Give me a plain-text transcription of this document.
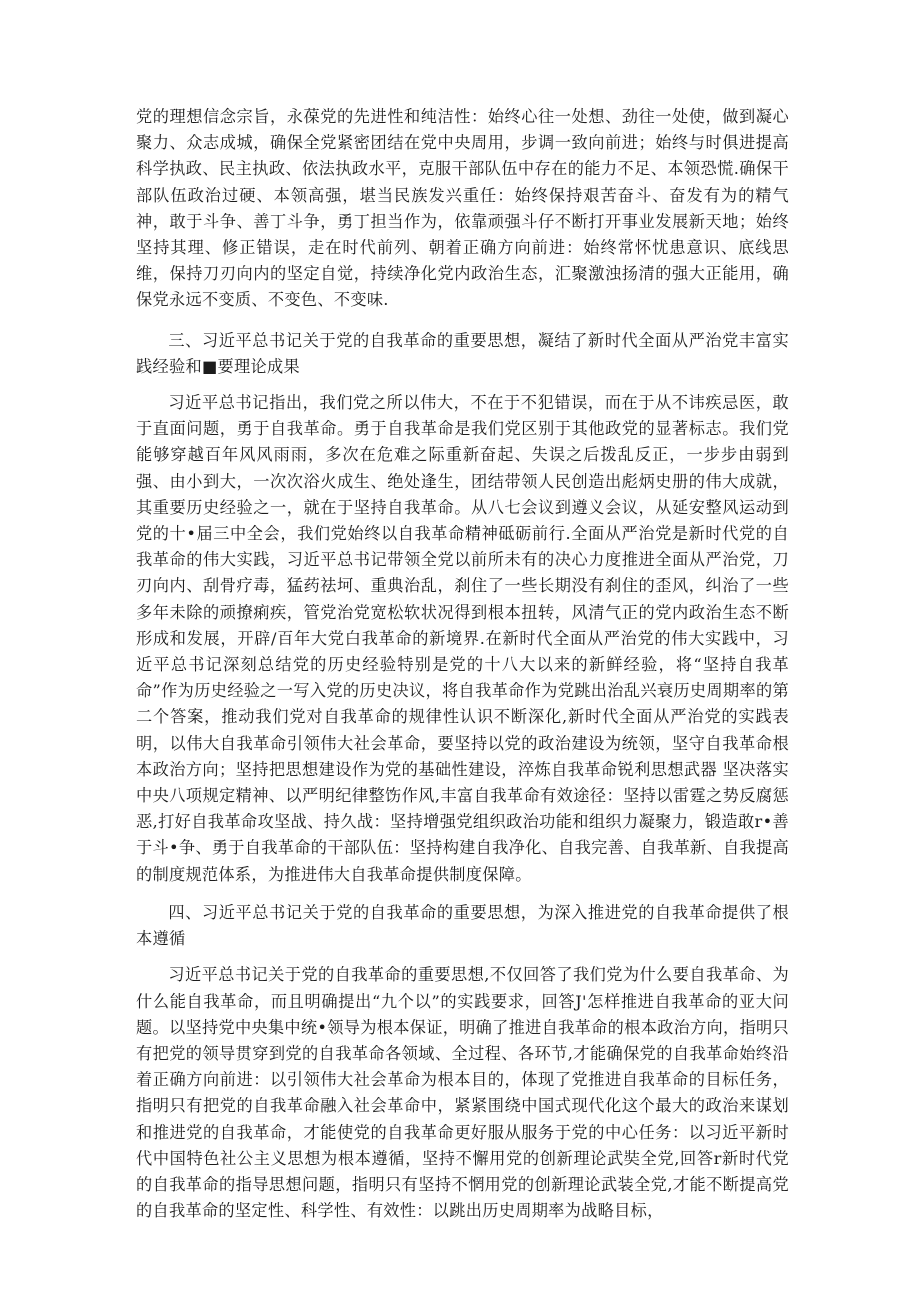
党的理想信念宗旨，永葆党的先进性和纯洁性：始终心往一处想、劲往一处使，做到凝心聚力、众志成城，确保全党紧密团结在党中央周用，步调一致向前进；始终与时俱进提高科学执政、民主执政、依法执政水平，克服干部队伍中存在的能力不足、本领恐慌.确保干部队伍政治过硬、本领高强，堪当民族发兴重任：始终保持艰苦奋斗、奋发有为的精气神，敢于斗争、善丁斗争，勇丁担当作为，依靠顽强斗仔不断打开事业发展新天地；始终坚持其理、修正错误，走在时代前列、朝着正确方向前进：始终常怀忧患意识、底线思维，保持刀刃向内的坚定自觉，持续净化党内政治生态，汇聚激浊扬清的强大正能用，确保党永远不变质、不变色、不变味.

三、习近平总书记关于党的自我革命的重要思想，凝结了新时代全面从严治党丰富实践经验和■要理论成果

习近平总书记指出，我们党之所以伟大，不在于不犯错误，而在于从不讳疾忌医，敢于直面问题，勇于自我革命。勇于自我革命是我们党区别于其他政党的显著标志。我们党能够穿越百年风风雨雨，多次在危难之际重新奋起、失误之后拨乱反正，一步步由弱到强、由小到大，一次次浴火成生、绝处逢生，团结带领人民创造出彪炳史册的伟大成就，其重要历史经验之一，就在于坚持自我革命。从八七会议到遵义会议，从延安整风运动到党的十•届三中全会，我们党始终以自我革命精神砥砺前行.全面从严治党是新时代党的自我革命的伟大实践，习近平总书记带领全党以前所未有的决心力度推进全面从严治党，刀刃向内、刮骨疗毒，猛药祛坷、重典治乱，刹住了一些长期没有刹住的歪风，纠治了一些多年未除的顽撩痢疾，管党治党宽松软状况得到根本扭转，风清气正的党内政治生态不断形成和发展，开辟/百年大党白我革命的新境界.在新时代全面从严治党的伟大实践中，习近平总书记深刻总结党的历史经验特别是党的十八大以来的新鲜经验，将“坚持自我革命”作为历史经验之一写入党的历史决议，将自我革命作为党跳出治乱兴衰历史周期率的第二个答案，推动我们党对自我革命的规律性认识不断深化,新时代全面从严治党的实践表明，以伟大自我革命引领伟大社会革命，要坚持以党的政治建设为统领，坚守自我革命根本政治方向；坚持把思想建设作为党的基础性建设，淬炼自我革命锐利思想武器 坚决落实中央八项规定精神、以严明纪律整饬作风,丰富自我革命有效途径：坚持以雷霆之势反腐惩恶,打好自我革命攻坚战、持久战：坚持增强党组织政治功能和组织力凝聚力，锻造敢r•善于斗•争、勇于自我革命的干部队伍：坚持构建自我净化、自我完善、自我革新、自我提高的制度规范体系，为推进伟大自我革命提供制度保障。

四、习近平总书记关于党的自我革命的重要思想，为深入推进党的自我革命提供了根本遵循

习近平总书记关于党的自我革命的重要思想,不仅回答了我们党为什么要自我革命、为什么能自我革命，而且明确提出“九个以”的实践要求，回答J'怎样推进自我革命的亚大问题。以坚持党中央集中统•领导为根本保证，明确了推进自我革命的根本政治方向，指明只有把党的领导贯穿到党的自我革命各领域、全过程、各环节,才能确保党的自我革命始终沿着正确方向前进：以引领伟大社会革命为根本目的，体现了党推进自我革命的目标任务，指明只有把党的自我革命融入社会革命中，紧紧围绕中国式现代化这个最大的政治来谋划和推进党的自我革命，才能使党的自我革命更好服从服务于党的中心任务：以习近平新时代中国特色社公主义思想为根本遵循，坚持不懈用党的创新理论武奘全党,回答r新时代党的自我革命的指导思想问题，指明只有坚持不惘用党的创新理论武装全党,才能不断提高党的自我革命的坚定性、科学性、有效性：以跳出历史周期率为战略目标，
